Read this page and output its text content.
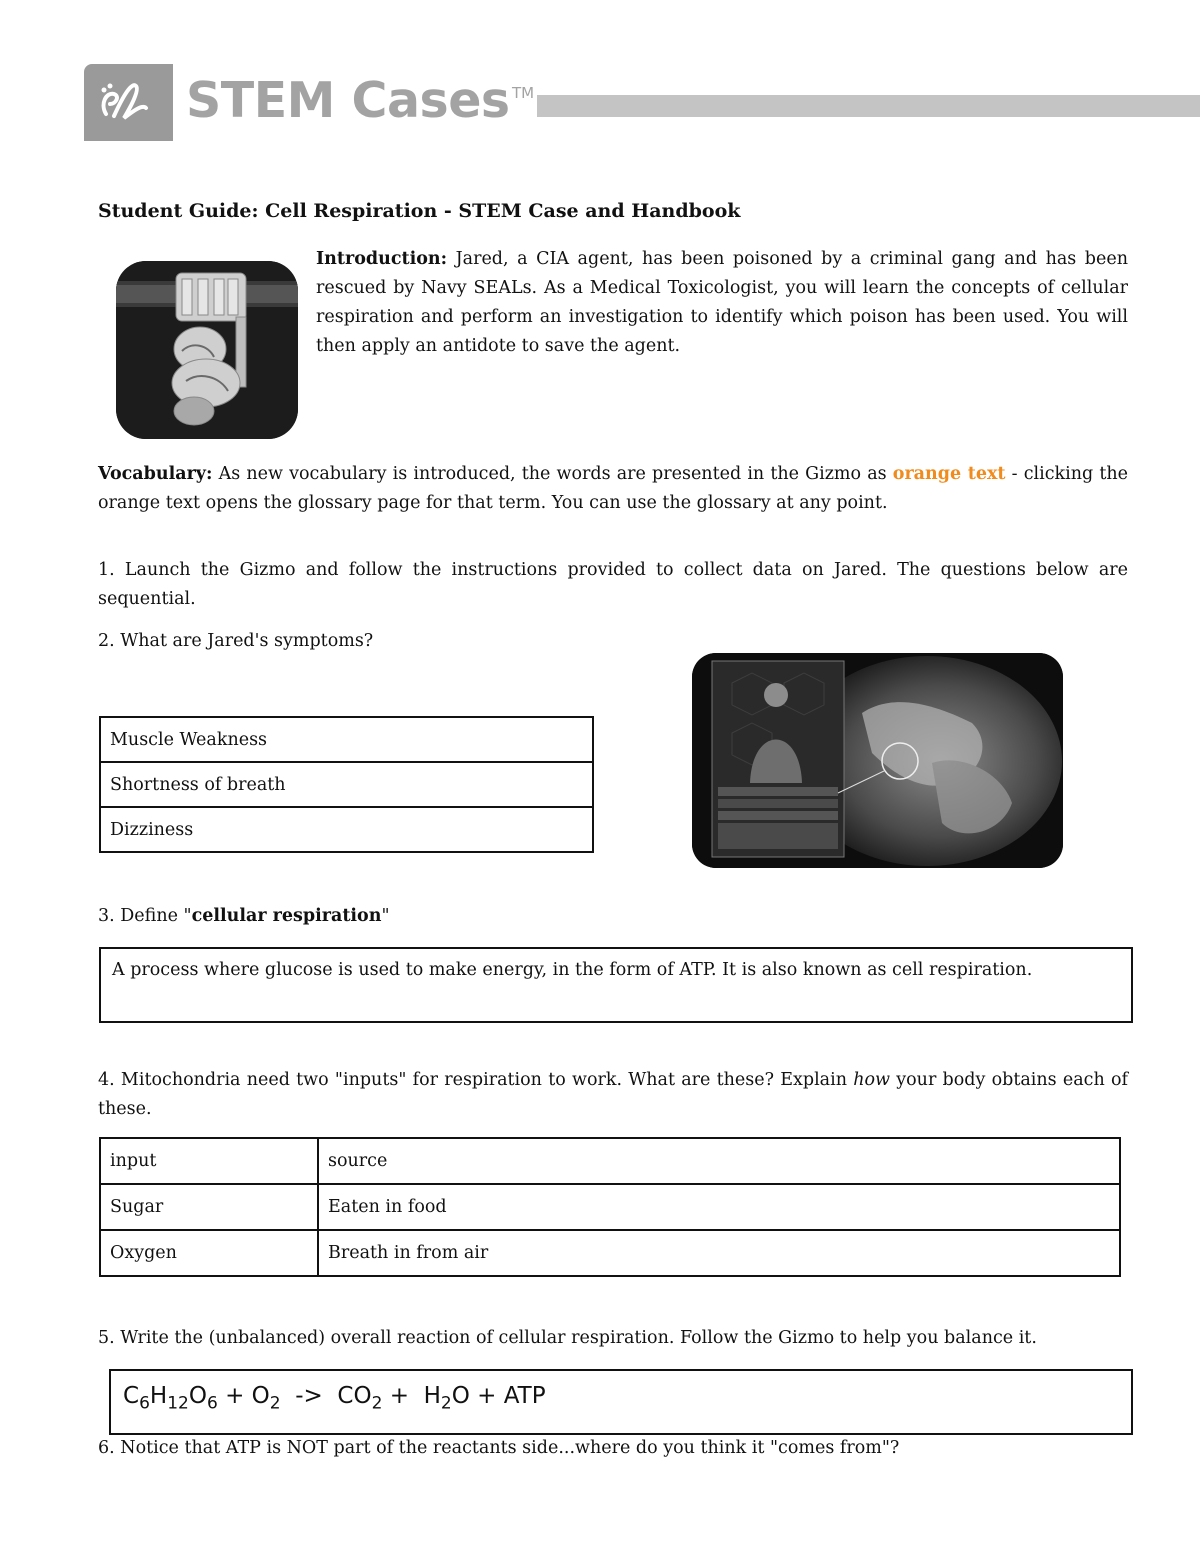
STEM Cases TM
Student Guide: Cell Respiration - STEM Case and Handbook
Introduction: Jared, a CIA agent, has been poisoned by a criminal gang and has been rescued by Navy SEALs. As a Medical Toxicologist, you will learn the concepts of cellular respiration and perform an investigation to identify which poison has been used. You will then apply an antidote to save the agent.
Vocabulary: As new vocabulary is introduced, the words are presented in the Gizmo as orange text - clicking the orange text opens the glossary page for that term. You can use the glossary at any point.
1. Launch the Gizmo and follow the instructions provided to collect data on Jared. The questions below are sequential.
2. What are Jared's symptoms?
Muscle Weakness
Shortness of breath
Dizziness
3. Define "cellular respiration"
A process where glucose is used to make energy, in the form of ATP. It is also known as cell respiration.
4. Mitochondria need two "inputs" for respiration to work. What are these? Explain how your body obtains each of these.
input	source
Sugar	Eaten in food
Oxygen	Breath in from air
5. Write the (unbalanced) overall reaction of cellular respiration. Follow the Gizmo to help you balance it.
$C_6H_{12}O_6 + O_2 -> CO_2 + H_2O$ + ATP
6. Notice that ATP is NOT part of the reactants side...where do you think it "comes from"?
